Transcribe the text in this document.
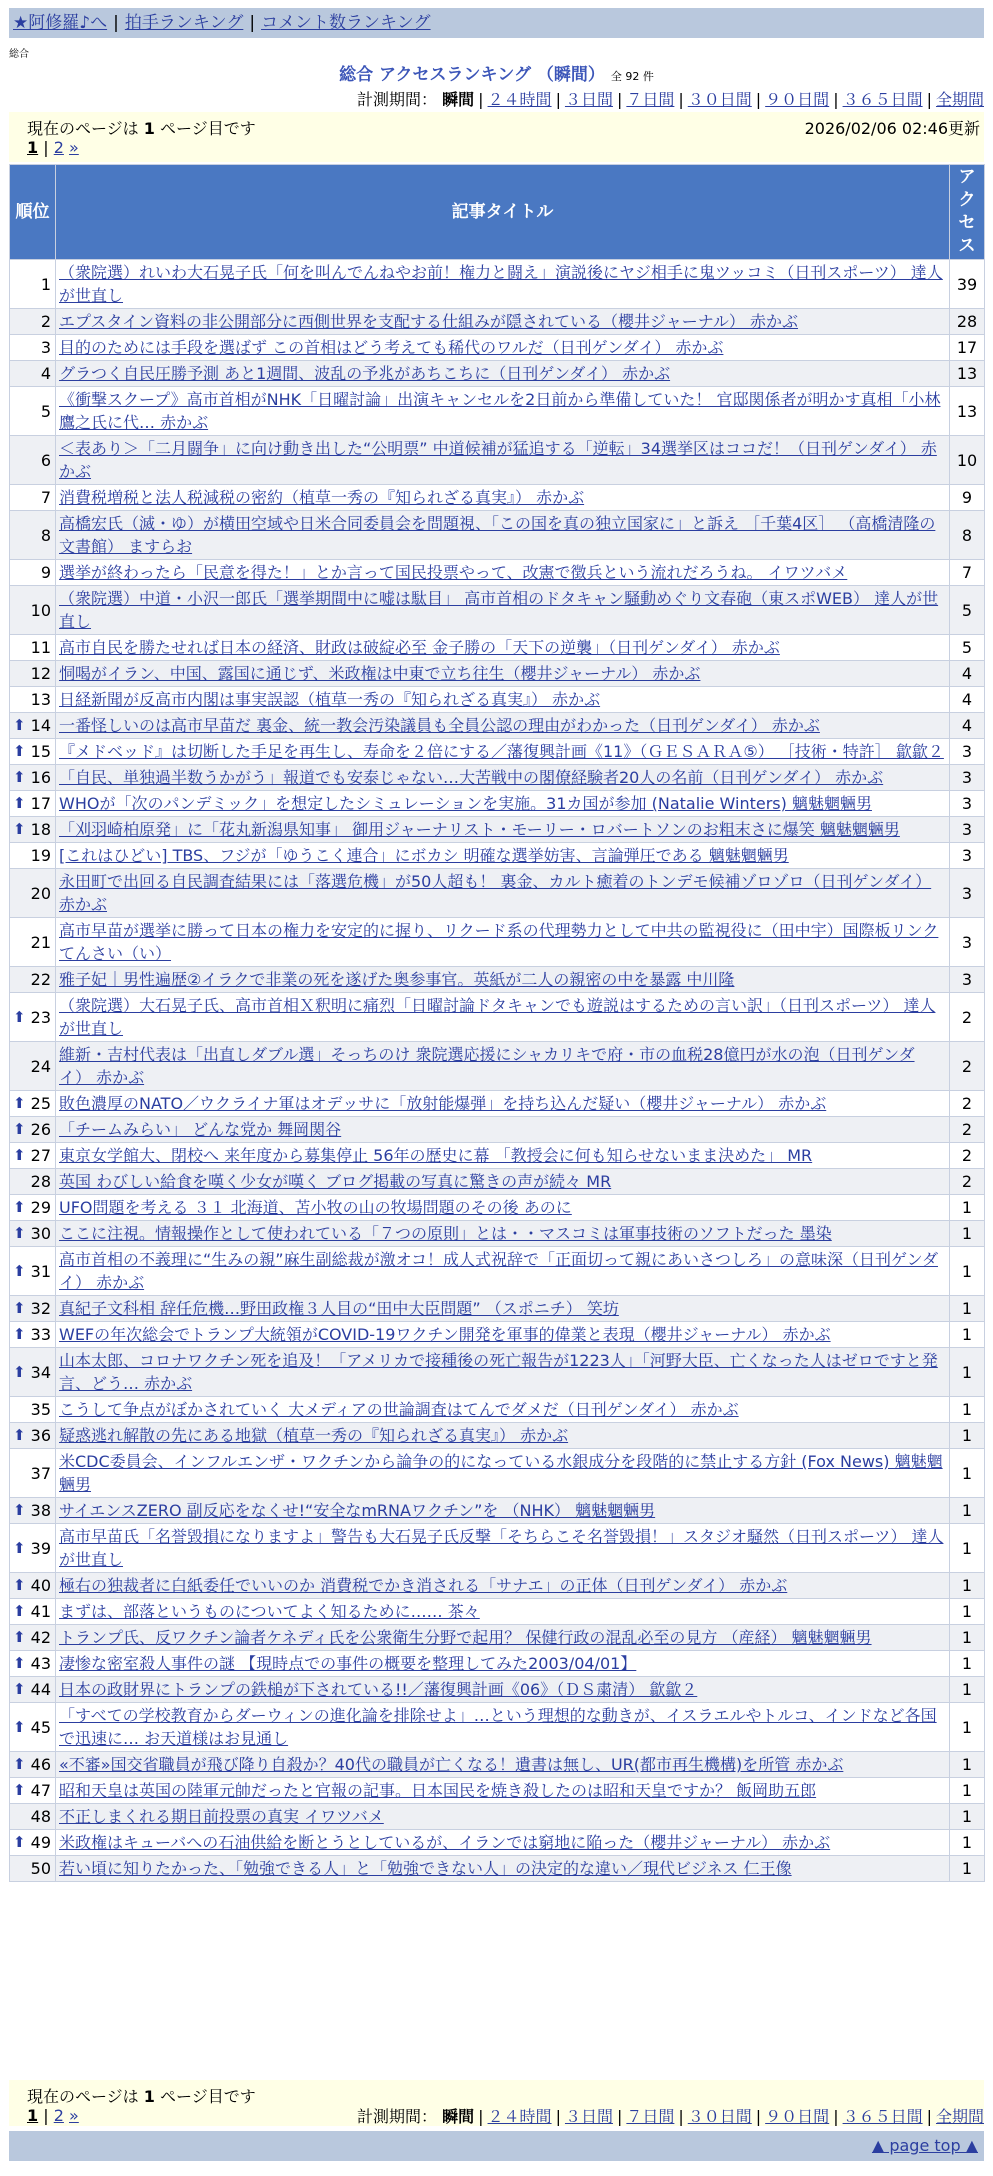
★阿修羅♪へ | 拍手ランキング | コメント数ランキング
総合
総合 アクセスランキング （瞬間） 全 92 件
計測期間： 瞬間 | ２４時間 | ３日間 | ７日間 | ３０日間 | ９０日間 | ３６５日間 | 全期間
現在のページは 1 ページ目です	2026/02/06 02:46更新
1 | 2 »
順位	記事タイトル	アクセス
1	（衆院選）れいわ大石晃子氏「何を叫んでんねやお前！権力と闘え」演説後にヤジ相手に鬼ツッコミ（日刊スポーツ） 達人が世直し	39
2	エプスタイン資料の非公開部分に西側世界を支配する仕組みが隠されている（櫻井ジャーナル） 赤かぶ	28
3	目的のためには手段を選ばず この首相はどう考えても稀代のワルだ（日刊ゲンダイ） 赤かぶ	17
4	グラつく自民圧勝予測 あと1週間、波乱の予兆があちこちに（日刊ゲンダイ） 赤かぶ	13
5	《衝撃スクープ》高市首相がNHK「日曜討論」出演キャンセルを2日前から準備していた！ 官邸関係者が明かす真相「小林鷹之氏に代… 赤かぶ	13
6	＜表あり＞「二月闘争」に向け動き出した“公明票” 中道候補が猛追する「逆転」34選挙区はココだ！（日刊ゲンダイ） 赤かぶ	10
7	消費税増税と法人税減税の密約（植草一秀の『知られざる真実』） 赤かぶ	9
8	高橋宏氏（滅・ゆ）が横田空域や日米合同委員会を問題視、「この国を真の独立国家に」と訴え ［千葉4区］ （高橋清隆の文書館） ますらお	8
9	選挙が終わったら「民意を得た！」とか言って国民投票やって、改憲で徴兵という流れだろうね。 イワツバメ	7
10	（衆院選）中道・小沢一郎氏「選挙期間中に嘘は駄目」 高市首相のドタキャン騒動めぐり文春砲（東スポWEB） 達人が世直し	5
11	高市自民を勝たせれば日本の経済、財政は破綻必至 金子勝の「天下の逆襲」（日刊ゲンダイ） 赤かぶ	5
12	恫喝がイラン、中国、露国に通じず、米政権は中東で立ち往生（櫻井ジャーナル） 赤かぶ	4
13	日経新聞が反高市内閣は事実誤認（植草一秀の『知られざる真実』） 赤かぶ	4

⬆ 14	一番怪しいのは高市早苗だ 裏金、統一教会汚染議員も全員公認の理由がわかった（日刊ゲンダイ） 赤かぶ	4

⬆ 15	『メドベッド』は切断した手足を再生し、寿命を２倍にする／藩復興計画《11》（ＧＥＳＡＲＡ⑤） ［技術・特許］ 歙歙２	3

⬆ 16	「自民、単独過半数うかがう」報道でも安泰じゃない…大苦戦中の閣僚経験者20人の名前（日刊ゲンダイ） 赤かぶ	3

⬆ 17	WHOが「次のパンデミック」を想定したシミュレーションを実施。31カ国が参加 (Natalie Winters) 魑魅魍魎男	3

⬆ 18	「刈羽崎柏原発」に「花丸新潟県知事」 御用ジャーナリスト・モーリー・ロバートソンのお粗末さに爆笑 魑魅魍魎男	3
19	[これはひどい] TBS、フジが「ゆうこく連合」にボカシ 明確な選挙妨害、言論弾圧である 魑魅魍魎男	3
20	永田町で出回る自民調査結果には「落選危機」が50人超も！ 裏金、カルト癒着のトンデモ候補ゾロゾロ（日刊ゲンダイ） 赤かぶ	3
21	高市早苗が選挙に勝って日本の権力を安定的に握り、リクード系の代理勢力として中共の監視役に（田中宇）国際板リンクてんさい（い）	3
22	雅子妃｜男性遍歴②イラクで非業の死を遂げた奥参事官。英紙が二人の親密の中を暴露 中川隆	3

⬆ 23	（衆院選）大石晃子氏、高市首相Ｘ釈明に痛烈「日曜討論ドタキャンでも遊説はするための言い訳」（日刊スポーツ） 達人が世直し	2
24	維新・吉村代表は「出直しダブル選」そっちのけ 衆院選応援にシャカリキで府・市の血税28億円が水の泡（日刊ゲンダイ） 赤かぶ	2

⬆ 25	敗色濃厚のNATO／ウクライナ軍はオデッサに「放射能爆弾」を持ち込んだ疑い（櫻井ジャーナル） 赤かぶ	2

⬆ 26	「チームみらい」 どんな党か 舞岡関谷	2

⬆ 27	東京女学館大、閉校へ 来年度から募集停止 56年の歴史に幕 「教授会に何も知らせないまま決めた」 MR	2
28	英国 わびしい給食を嘆く少女が嘆く ブログ掲載の写真に驚きの声が続々 MR	2

⬆ 29	UFO問題を考える ３１ 北海道、苫小牧の山の牧場問題のその後 あのに	1

⬆ 30	ここに注視。情報操作として使われている「７つの原則」とは・・マスコミは軍事技術のソフトだった 墨染	1

⬆ 31	高市首相の不義理に“生みの親”麻生副総裁が激オコ！成人式祝辞で「正面切って親にあいさつしろ」の意味深（日刊ゲンダイ） 赤かぶ	1

⬆ 32	真紀子文科相 辞任危機…野田政権３人目の“田中大臣問題” （スポニチ） 笑坊	1

⬆ 33	WEFの年次総会でトランプ大統領がCOVID-19ワクチン開発を軍事的偉業と表現（櫻井ジャーナル） 赤かぶ	1

⬆ 34	山本太郎、コロナワクチン死を追及！「アメリカで接種後の死亡報告が1223人」「河野大臣、亡くなった人はゼロですと発言、どう… 赤かぶ	1
35	こうして争点がぼかされていく 大メディアの世論調査はてんでダメだ（日刊ゲンダイ） 赤かぶ	1

⬆ 36	疑惑逃れ解散の先にある地獄（植草一秀の『知られざる真実』） 赤かぶ	1
37	米CDC委員会、インフルエンザ・ワクチンから論争の的になっている水銀成分を段階的に禁止する方針 (Fox News) 魑魅魍魎男	1

⬆ 38	サイエンスZERO 副反応をなくせ!“安全なmRNAワクチン”を （NHK） 魑魅魍魎男	1

⬆ 39	高市早苗氏「名誉毀損になりますよ」警告も大石晃子氏反撃「そちらこそ名誉毀損！」スタジオ騒然（日刊スポーツ） 達人が世直し	1

⬆ 40	極右の独裁者に白紙委任でいいのか 消費税でかき消される「サナエ」の正体（日刊ゲンダイ） 赤かぶ	1

⬆ 41	まずは、部落というものについてよく知るために…… 茶々	1

⬆ 42	トランプ氏、反ワクチン論者ケネディ氏を公衆衛生分野で起用？ 保健行政の混乱必至の見方 （産経） 魑魅魍魎男	1

⬆ 43	凄惨な密室殺人事件の謎 【現時点での事件の概要を整理してみた2003/04/01】	1

⬆ 44	日本の政財界にトランプの鉄槌が下されている!!／藩復興計画《06》（ＤＳ粛清） 歙歙２	1

⬆ 45	「すべての学校教育からダーウィンの進化論を排除せよ」…という理想的な動きが、イスラエルやトルコ、インドなど各国で迅速に… お天道様はお見通し	1

⬆ 46	«不審»国交省職員が飛び降り自殺か？40代の職員が亡くなる！遺書は無し、UR(都市再生機構)を所管 赤かぶ	1

⬆ 47	昭和天皇は英国の陸軍元帥だったと官報の記事。日本国民を焼き殺したのは昭和天皇ですか？ 飯岡助五郎	1
48	不正しまくれる期日前投票の真実 イワツバメ	1

⬆ 49	米政権はキューバへの石油供給を断とうとしているが、イランでは窮地に陥った（櫻井ジャーナル） 赤かぶ	1
50	若い頃に知りたかった、「勉強できる人」と「勉強できない人」の決定的な違い／現代ビジネス 仁王像	1
現在のページは 1 ページ目です
1 | 2 »	計測期間： 瞬間 | ２４時間 | ３日間 | ７日間 | ３０日間 | ９０日間 | ３６５日間 | 全期間
▲ page top ▲
